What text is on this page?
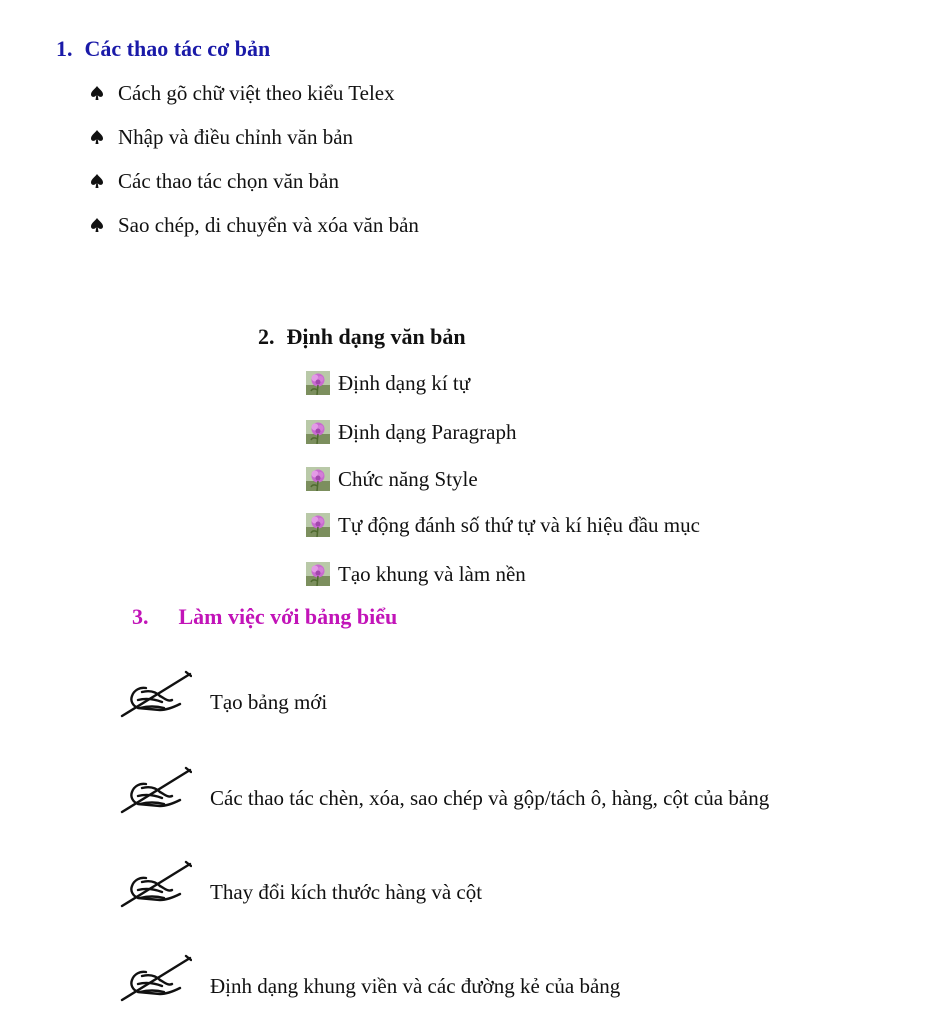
1. Các thao tác cơ bản
Cách gõ chữ việt theo kiểu Telex
Nhập và điều chỉnh văn bản
Các thao tác chọn văn bản
Sao chép, di chuyển và xóa văn bản
2. Định dạng văn bản
Định dạng kí tự
Định dạng Paragraph
Chức năng Style
Tự động đánh số thứ tự và kí hiệu đầu mục
Tạo khung và làm nền
3. Làm việc với bảng biểu
Tạo bảng mới
Các thao tác chèn, xóa, sao chép và gộp/tách ô, hàng, cột của bảng
Thay đổi kích thước hàng và cột
Định dạng khung viền và các đường kẻ của bảng
